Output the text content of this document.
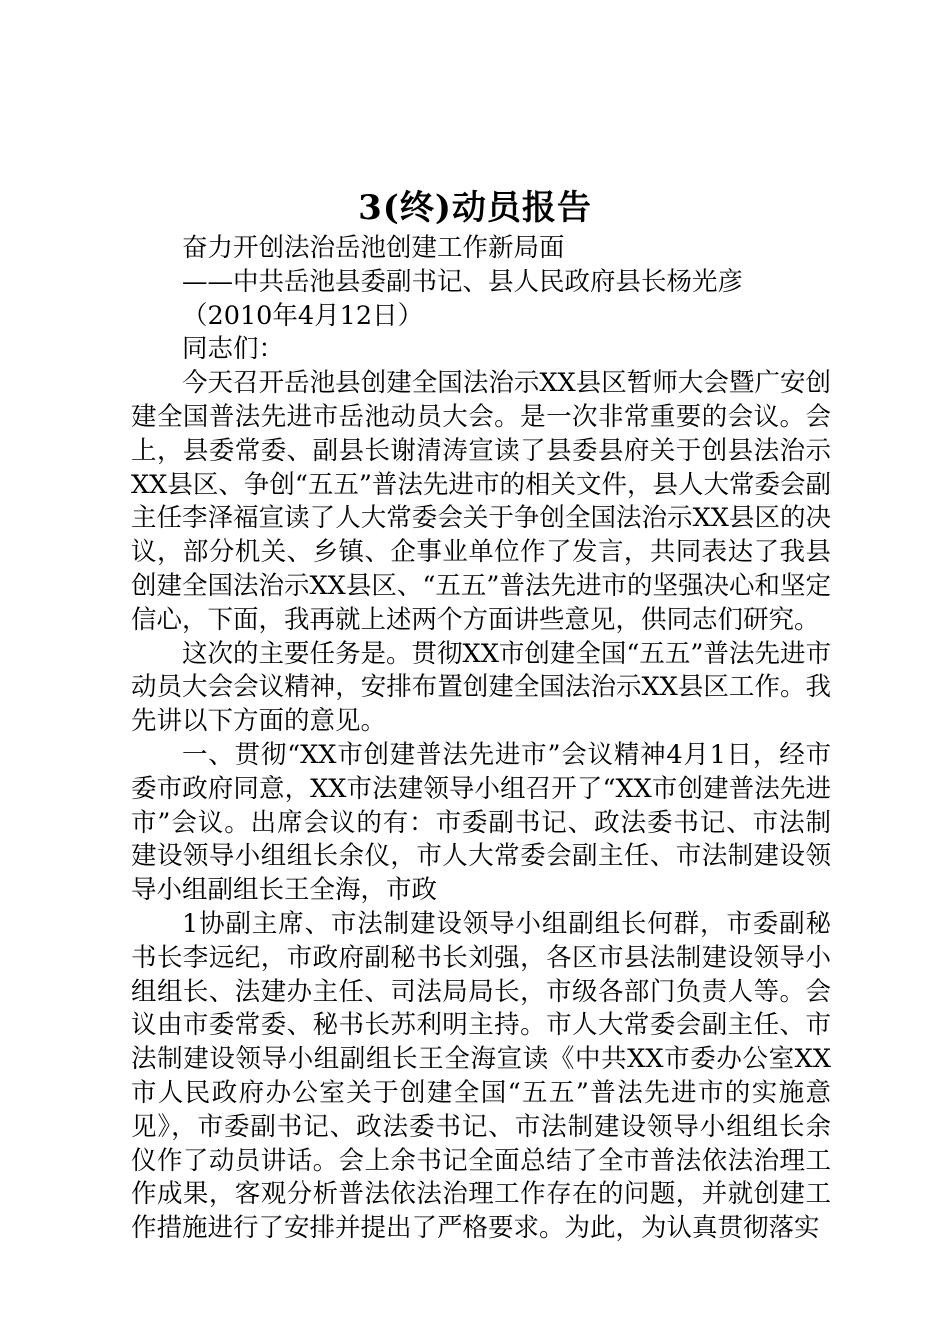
3(终)动员报告
奋力开创法治岳池创建工作新局面
——中共岳池县委副书记、县人民政府县长杨光彦
（2010年4月12日）
同志们：

今天召开岳池县创建全国法治示XX县区暂师大会暨广安创建全国普法先进市岳池动员大会。是一次非常重要的会议。会上，县委常委、副县长谢清涛宣读了县委县府关于创县法治示XX县区、争创“五五”普法先进市的相关文件，县人大常委会副主任李泽福宣读了人大常委会关于争创全国法治示XX县区的决议，部分机关、乡镇、企事业单位作了发言，共同表达了我县创建全国法治示XX县区、“五五”普法先进市的坚强决心和坚定信心，下面，我再就上述两个方面讲些意见，供同志们研究。

这次的主要任务是。贯彻XX市创建全国“五五”普法先进市动员大会会议精神，安排布置创建全国法治示XX县区工作。我先讲以下方面的意见。

一、贯彻“XX市创建普法先进市”会议精神4月1日，经市委市政府同意，XX市法建领导小组召开了“XX市创建普法先进市”会议。出席会议的有：市委副书记、政法委书记、市法制建设领导小组组长余仪，市人大常委会副主任、市法制建设领导小组副组长王全海，市政

1协副主席、市法制建设领导小组副组长何群，市委副秘书长李远纪，市政府副秘书长刘强，各区市县法制建设领导小组组长、法建办主任、司法局局长，市级各部门负责人等。会议由市委常委、秘书长苏利明主持。市人大常委会副主任、市法制建设领导小组副组长王全海宣读《中共XX市委办公室XX市人民政府办公室关于创建全国“五五”普法先进市的实施意见》，市委副书记、政法委书记、市法制建设领导小组组长余仪作了动员讲话。会上余书记全面总结了全市普法依法治理工作成果，客观分析普法依法治理工作存在的问题，并就创建工作措施进行了安排并提出了严格要求。为此，为认真贯彻落实
